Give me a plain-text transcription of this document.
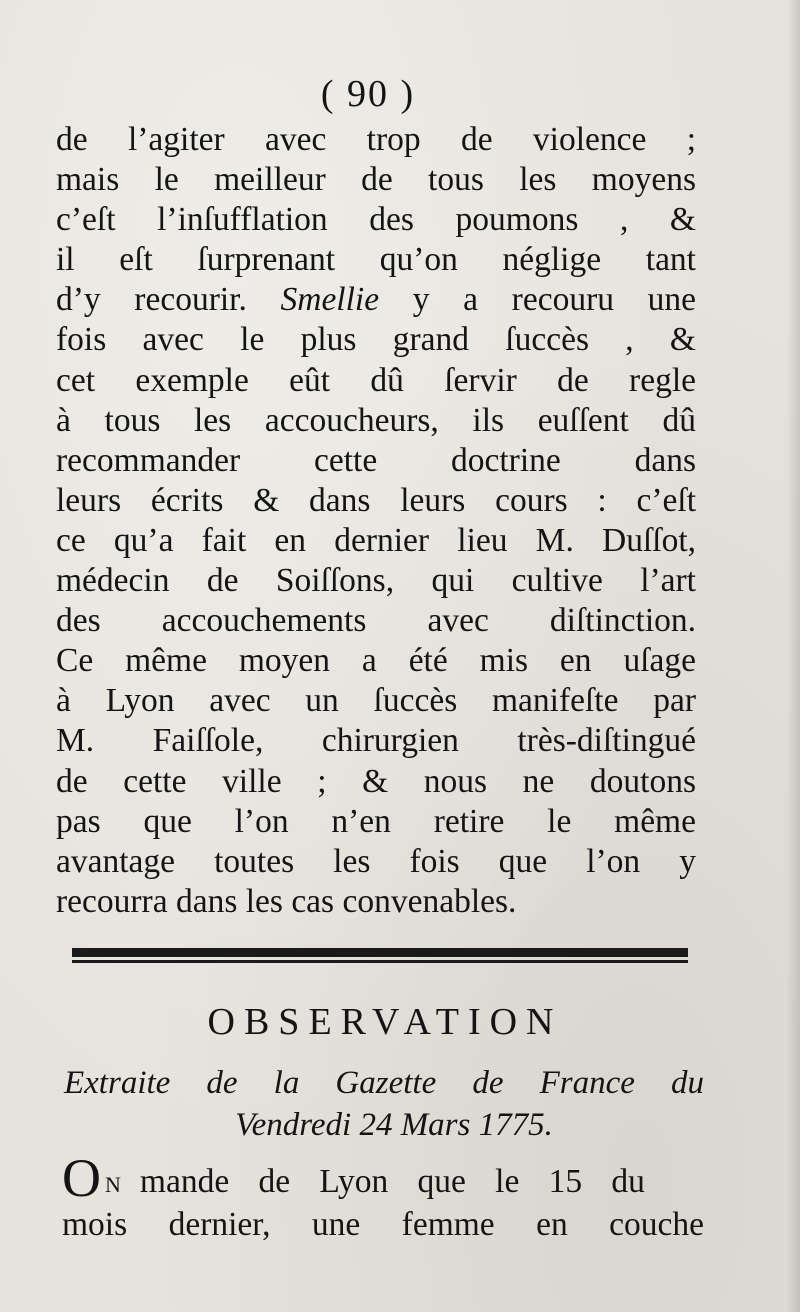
( 90 )
de l’agiter avec trop de violence ;
mais le meilleur de tous les moyens
c’eſt l’inſufflation des poumons , &
il eſt ſurprenant qu’on néglige tant
d’y recourir. Smellie y a recouru une
fois avec le plus grand ſuccès , &
cet exemple eût dû ſervir de regle
à tous les accoucheurs, ils euſſent dû
recommander cette doctrine dans
leurs écrits & dans leurs cours : c’eſt
ce qu’a fait en dernier lieu M. Duſſot,
médecin de Soiſſons, qui cultive l’art
des accouchements avec diſtinction.
Ce même moyen a été mis en uſage
à Lyon avec un ſuccès manifeſte par
M. Faiſſole, chirurgien très-diſtingué
de cette ville ; & nous ne doutons
pas que l’on n’en retire le même
avantage toutes les fois que l’on y
recourra dans les cas convenables.
OBSERVATION
Extraite de la Gazette de France du
Vendredi 24 Mars 1775.
O N mande de Lyon que le 15 du
mois dernier, une femme en couche
